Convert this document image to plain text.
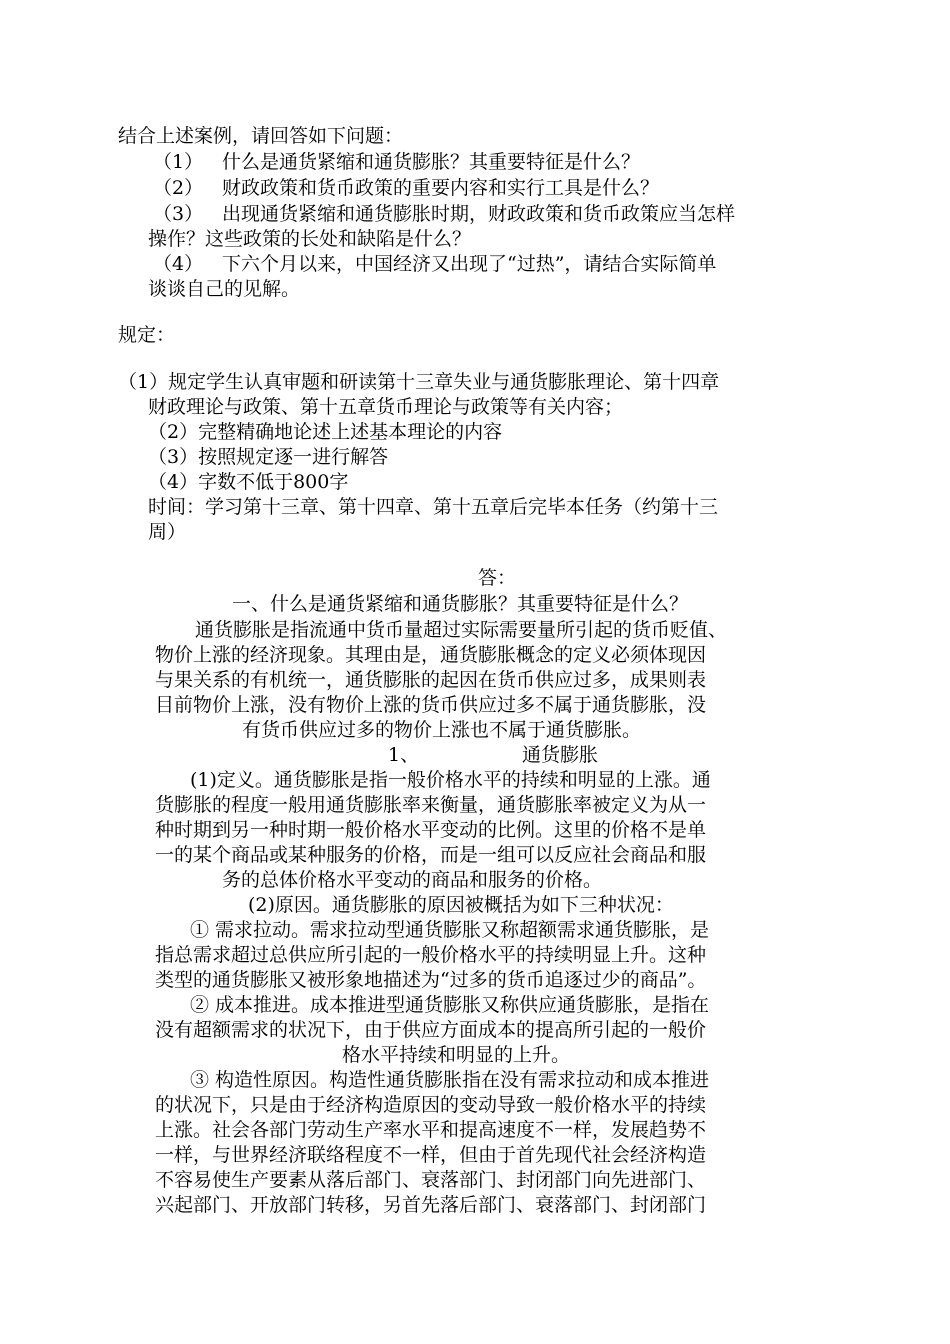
结合上述案例，请回答如下问题：
（1） 什么是通货紧缩和通货膨胀？其重要特征是什么？
（2） 财政政策和货币政策的重要内容和实行工具是什么？
（3） 出现通货紧缩和通货膨胀时期，财政政策和货币政策应当怎样
操作？这些政策的长处和缺陷是什么？
（4） 下六个月以来，中国经济又出现了“过热”，请结合实际简单
谈谈自己的见解。
规定：
（1）规定学生认真审题和研读第十三章失业与通货膨胀理论、第十四章
财政理论与政策、第十五章货币理论与政策等有关内容；
（2）完整精确地论述上述基本理论的内容
（3）按照规定逐一进行解答
（4）字数不低于800字
时间：学习第十三章、第十四章、第十五章后完毕本任务（约第十三
周）
答：
一、什么是通货紧缩和通货膨胀？其重要特征是什么？
通货膨胀是指流通中货币量超过实际需要量所引起的货币贬值、
物价上涨的经济现象。其理由是，通货膨胀概念的定义必须体现因
与果关系的有机统一，通货膨胀的起因在货币供应过多，成果则表
目前物价上涨，没有物价上涨的货币供应过多不属于通货膨胀，没
有货币供应过多的物价上涨也不属于通货膨胀。
1、	通货膨胀
(1)定义。通货膨胀是指一般价格水平的持续和明显的上涨。通
货膨胀的程度一般用通货膨胀率来衡量，通货膨胀率被定义为从一
种时期到另一种时期一般价格水平变动的比例。这里的价格不是单
一的某个商品或某种服务的价格，而是一组可以反应社会商品和服
务的总体价格水平变动的商品和服务的价格。
(2)原因。通货膨胀的原因被概括为如下三种状况：
① 需求拉动。需求拉动型通货膨胀又称超额需求通货膨胀，是
指总需求超过总供应所引起的一般价格水平的持续明显上升。这种
类型的通货膨胀又被形象地描述为“过多的货币追逐过少的商品”。
② 成本推进。成本推进型通货膨胀又称供应通货膨胀，是指在
没有超额需求的状况下，由于供应方面成本的提高所引起的一般价
格水平持续和明显的上升。
③ 构造性原因。构造性通货膨胀指在没有需求拉动和成本推进
的状况下，只是由于经济构造原因的变动导致一般价格水平的持续
上涨。社会各部门劳动生产率水平和提高速度不一样，发展趋势不
一样，与世界经济联络程度不一样，但由于首先现代社会经济构造
不容易使生产要素从落后部门、衰落部门、封闭部门向先进部门、
兴起部门、开放部门转移，另首先落后部门、衰落部门、封闭部门
